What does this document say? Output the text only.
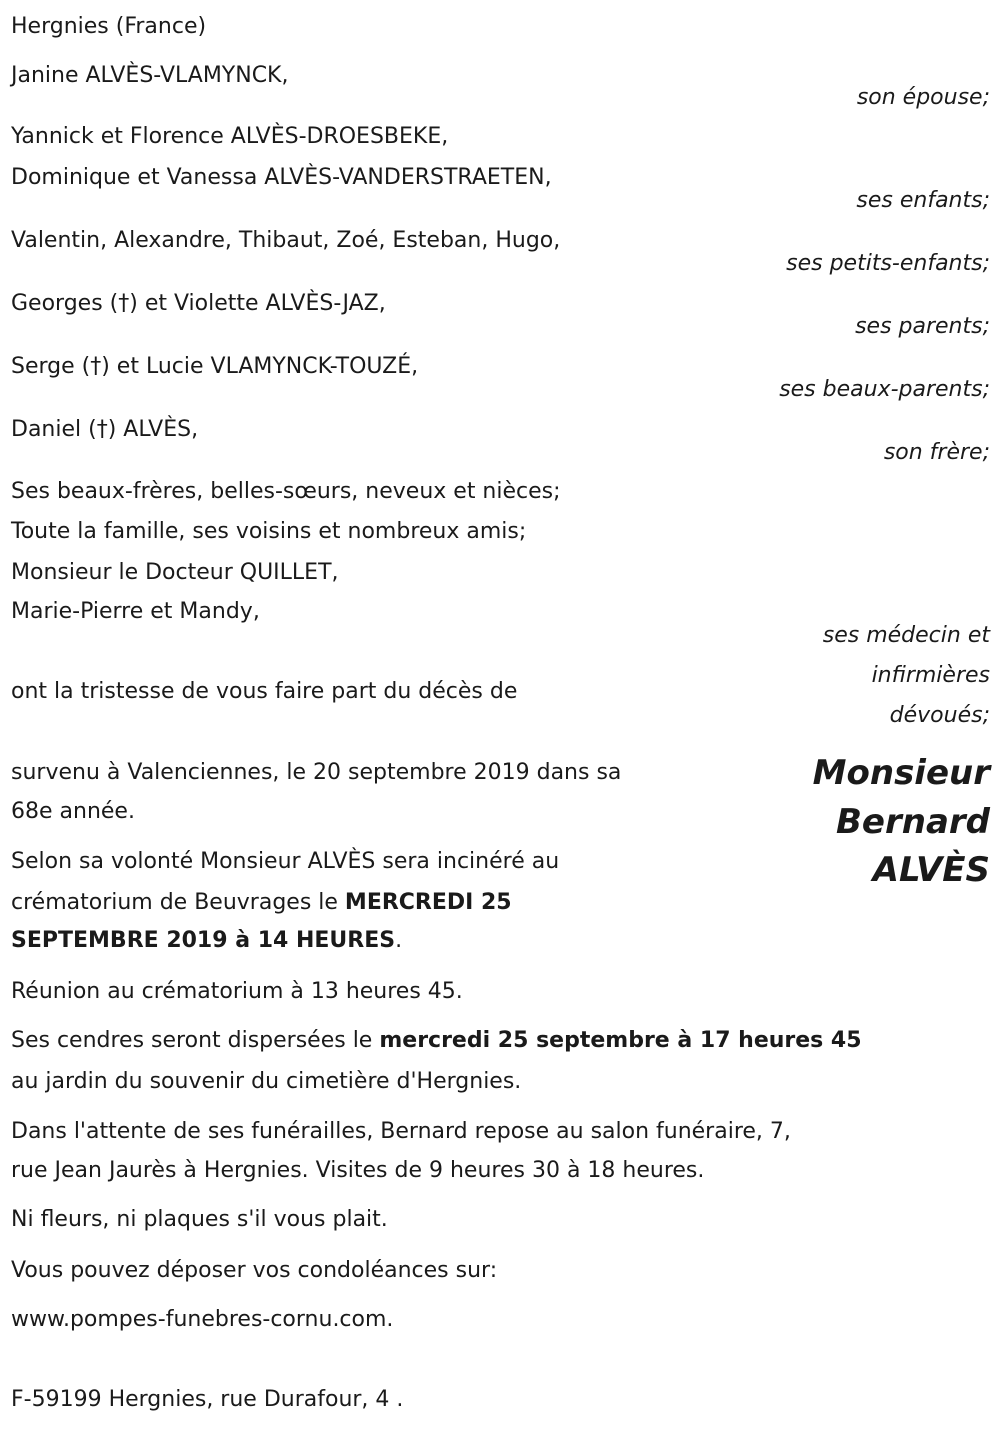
Hergnies (France)
Janine ALVÈS-VLAMYNCK,
son épouse;
Yannick et Florence ALVÈS-DROESBEKE,
Dominique et Vanessa ALVÈS-VANDERSTRAETEN,
ses enfants;
Valentin, Alexandre, Thibaut, Zoé, Esteban, Hugo,
ses petits-enfants;
Georges (†) et Violette ALVÈS-JAZ,
ses parents;
Serge (†) et Lucie VLAMYNCK-TOUZÉ,
ses beaux-parents;
Daniel (†) ALVÈS,
son frère;
Ses beaux-frères, belles-sœurs, neveux et nièces;
Toute la famille, ses voisins et nombreux amis;
Monsieur le Docteur QUILLET,
Marie-Pierre et Mandy,
ses médecin et
infirmières
dévoués;
ont la tristesse de vous faire part du décès de
Monsieur
Bernard
ALVÈS
survenu à Valenciennes, le 20 septembre 2019 dans sa
68e année.
Selon sa volonté Monsieur ALVÈS sera incinéré au
crématorium de Beuvrages le MERCREDI 25
SEPTEMBRE 2019 à 14 HEURES.
Réunion au crématorium à 13 heures 45.
Ses cendres seront dispersées le mercredi 25 septembre à 17 heures 45
au jardin du souvenir du cimetière d'Hergnies.
Dans l'attente de ses funérailles, Bernard repose au salon funéraire, 7,
rue Jean Jaurès à Hergnies. Visites de 9 heures 30 à 18 heures.
Ni fleurs, ni plaques s'il vous plait.
Vous pouvez déposer vos condoléances sur:
www.pompes-funebres-cornu.com.
F-59199 Hergnies, rue Durafour, 4 .
